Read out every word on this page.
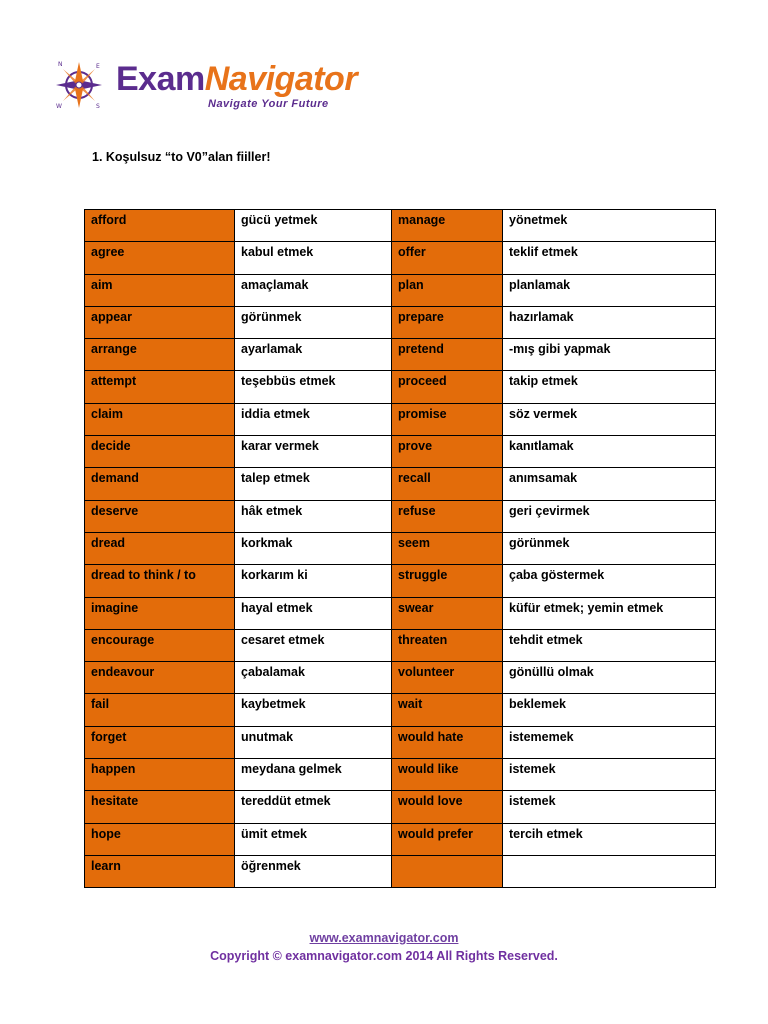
N	E
S
W
ExamNavigator
Navigate Your Future
1. Koşulsuz “to V0”alan fiiller!
afford	gücü yetmek	manage	yönetmek
agree	kabul etmek	offer	teklif etmek
aim	amaçlamak	plan	planlamak
appear	görünmek	prepare	hazırlamak
arrange	ayarlamak	pretend	-mış gibi yapmak
attempt	teşebbüs etmek	proceed	takip etmek
claim	iddia etmek	promise	söz vermek
decide	karar vermek	prove	kanıtlamak
demand	talep etmek	recall	anımsamak
deserve	hâk etmek	refuse	geri çevirmek
dread	korkmak	seem	görünmek
dread to think / to	korkarım ki	struggle	çaba göstermek
imagine	hayal etmek	swear	küfür etmek; yemin etmek
encourage	cesaret etmek	threaten	tehdit etmek
endeavour	çabalamak	volunteer	gönüllü olmak
fail	kaybetmek	wait	beklemek
forget	unutmak	would hate	istememek
happen	meydana gelmek	would like	istemek
hesitate	tereddüt etmek	would love	istemek
hope	ümit etmek	would prefer	tercih etmek
learn	öğrenmek		
www.examnavigator.com
Copyright © examnavigator.com 2014 All Rights Reserved.
